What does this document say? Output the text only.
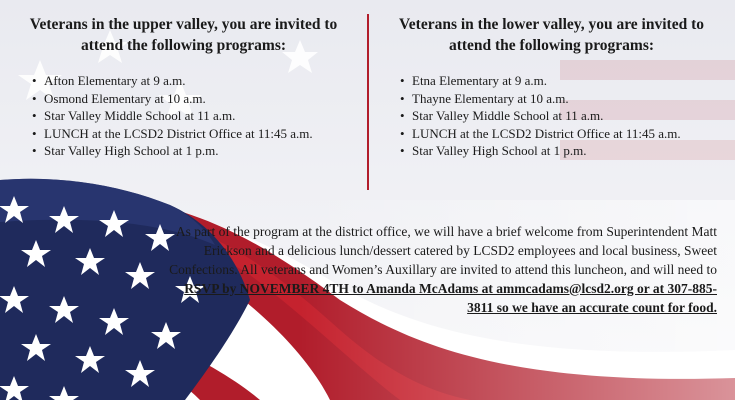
Veterans in the upper valley, you are invited to attend the following programs:
• Afton Elementary at 9 a.m.
• Osmond Elementary at 10 a.m.
• Star Valley Middle School at 11 a.m.
• LUNCH at the LCSD2 District Office at 11:45 a.m.
• Star Valley High School at 1 p.m.
Veterans in the lower valley, you are invited to attend the following programs:
• Etna Elementary at 9 a.m.
• Thayne Elementary at 10 a.m.
• Star Valley Middle School at 11 a.m.
• LUNCH at the LCSD2 District Office at 11:45 a.m.
• Star Valley High School at 1 p.m.

As part of the program at the district office, we will have a brief welcome from Superintendent Matt Erickson and a delicious lunch/dessert catered by LCSD2 employees and local business, Sweet Confections. All veterans and Women’s Auxillary are invited to attend this luncheon, and will need to RSVP by NOVEMBER 4TH to Amanda McAdams at ammcadams@lcsd2.org or at 307-885-3811 so we have an accurate count for food.
